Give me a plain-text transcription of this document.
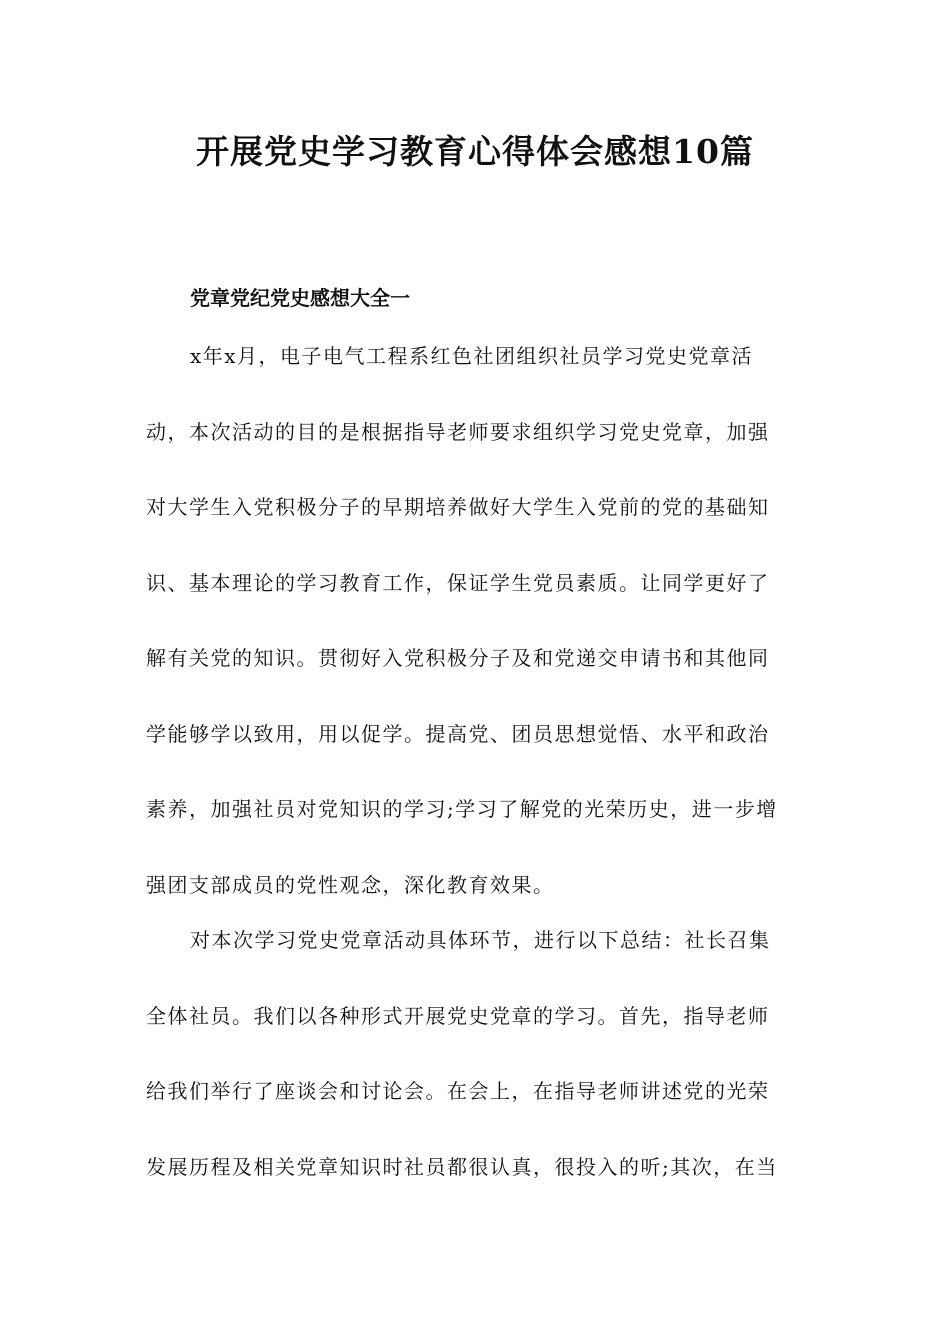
开展党史学习教育心得体会感想10篇
党章党纪党史感想大全一
x年x月，电子电气工程系红色社团组织社员学习党史党章活
动，本次活动的目的是根据指导老师要求组织学习党史党章，加强
对大学生入党积极分子的早期培养做好大学生入党前的党的基础知
识、基本理论的学习教育工作，保证学生党员素质。让同学更好了
解有关党的知识。贯彻好入党积极分子及和党递交申请书和其他同
学能够学以致用，用以促学。提高党、团员思想觉悟、水平和政治
素养，加强社员对党知识的学习;学习了解党的光荣历史，进一步增
强团支部成员的党性观念，深化教育效果。
对本次学习党史党章活动具体环节，进行以下总结：社长召集
全体社员。我们以各种形式开展党史党章的学习。首先，指导老师
给我们举行了座谈会和讨论会。在会上，在指导老师讲述党的光荣
发展历程及相关党章知识时社员都很认真，很投入的听;其次，在当
